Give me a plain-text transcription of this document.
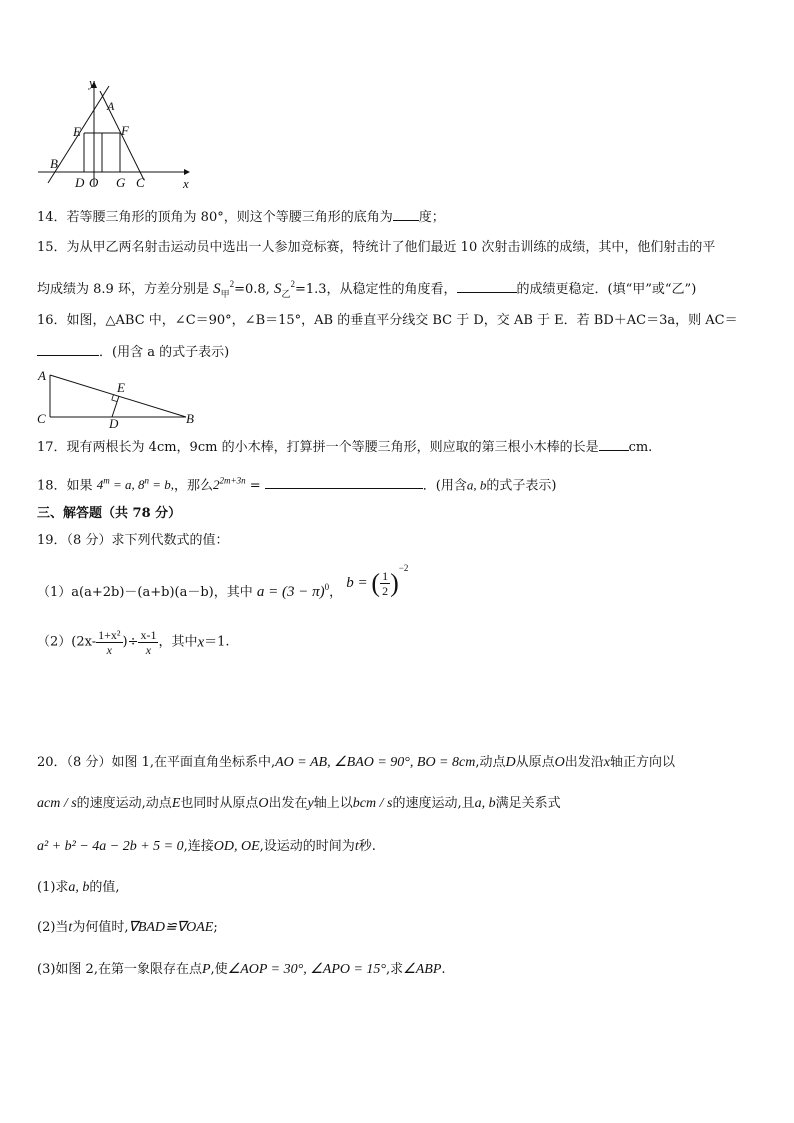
y
A
E	F
B
D O G C	x
14．若等腰三角形的顶角为 80°，则这个等腰三角形的底角为 度；
15．为从甲乙两名射击运动员中选出一人参加竞标赛，特统计了他们最近 10 次射击训练的成绩，其中，他们射击的平
均成绩为 8.9 环，方差分别是 $S_甲^2=0.8$, $S_乙^2=1.3$，从稳定性的角度看，	的成绩更稳定．(填“甲”或“乙”)
16．如图，△ABC 中，∠C＝90°，∠B＝15°，AB 的垂直平分线交 BC 于 D，交 AB 于 E．若 BD＋AC＝3a，则 AC＝
．(用含 a 的式子表示)
A
E
C	D	B
17．现有两根长为 4cm，9cm 的小木棒，打算拼一个等腰三角形，则应取的第三根小木棒的长是 cm.
18．如果 $4^m = a$, $8^n = b$,，那么$2^{2m+3n}$ =	．(用含a, b的式子表示)
三、解答题（共 78 分）
19．（8 分）求下列代数式的值：
（1）a(a+2b)－(a+b)(a－b)，其中 $a = (3 - \pi)^0$， b = ( $\frac{1}{2} )^{-2}$
$(2)(2x- \frac{\text{1+x²}}{x}$ )÷ $\frac{x-1}{x}$ ，其中x＝1.
20．（8 分）如图 1,在平面直角坐标系中,AO = AB, ∠BAO = 90°, BO = 8cm,动点D从原点O出发沿x轴正方向以
acm / s的速度运动,动点E也同时从原点O出发在y轴上以bcm / s的速度运动,且a, b满足关系式
a² + b² − 4a − 2b + 5 = 0,连接OD, OE,设运动的时间为t秒.
(1)求a, b的值,
(2)当t为何值时,∇BAD≌∇OAE;
(3)如图 2,在第一象限存在点P,使∠AOP = 30°, ∠APO = 15°,求∠ABP.
